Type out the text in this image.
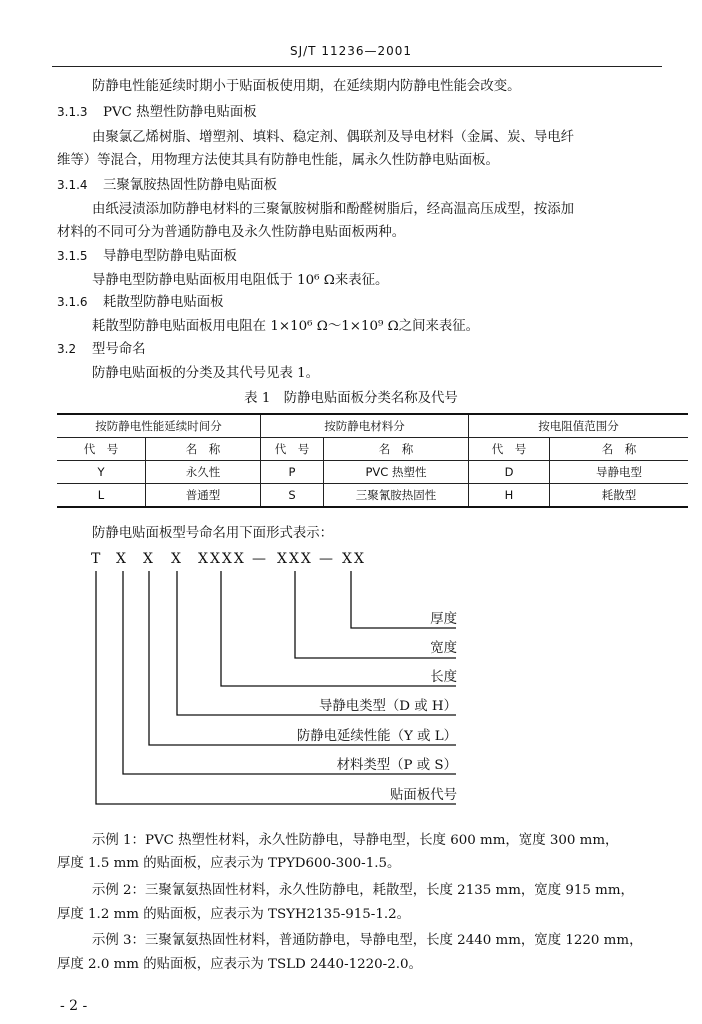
SJ/T 11236—2001
防静电性能延续时期小于贴面板使用期，在延续期内防静电性能会改变。
3.1.3 PVC 热塑性防静电贴面板
由聚氯乙烯树脂、增塑剂、填料、稳定剂、偶联剂及导电材料（金属、炭、导电纤
维等）等混合，用物理方法使其具有防静电性能，属永久性防静电贴面板。
3.1.4 三聚氰胺热固性防静电贴面板
由纸浸渍添加防静电材料的三聚氰胺树脂和酚醛树脂后，经高温高压成型，按添加
材料的不同可分为普通防静电及永久性防静电贴面板两种。
3.1.5 导静电型防静电贴面板
导静电型防静电贴面板用电阻低于 10⁶ Ω来表征。
3.1.6 耗散型防静电贴面板
耗散型防静电贴面板用电阻在 1×10⁶ Ω～1×10⁹ Ω之间来表征。
3.2 型号命名
防静电贴面板的分类及其代号见表 1。
表 1　防静电贴面板分类名称及代号
按防静电性能延续时间分		按防静电材料分		按电阻值范围分	
代　号	名　称	代　号	名　称	代　号	名　称
Y	永久性	P	PVC 热塑性	D	导静电型
L	普通型	S	三聚氰胺热固性	H	耗散型
防静电贴面板型号命名用下面形式表示：
T X X X XXXX — XXX — XX
厚度
宽度
长度
导静电类型（D 或 H）
防静电延续性能（Y 或 L）
材料类型（P 或 S）
贴面板代号
示例 1：PVC 热塑性材料，永久性防静电，导静电型，长度 600 mm，宽度 300 mm，
厚度 1.5 mm 的贴面板，应表示为 TPYD600-300-1.5。
示例 2：三聚氰氨热固性材料，永久性防静电，耗散型，长度 2135 mm，宽度 915 mm，
厚度 1.2 mm 的贴面板，应表示为 TSYH2135-915-1.2。
示例 3：三聚氰氨热固性材料，普通防静电，导静电型，长度 2440 mm，宽度 1220 mm，
厚度 2.0 mm 的贴面板，应表示为 TSLD 2440-1220-2.0。
- 2 -
